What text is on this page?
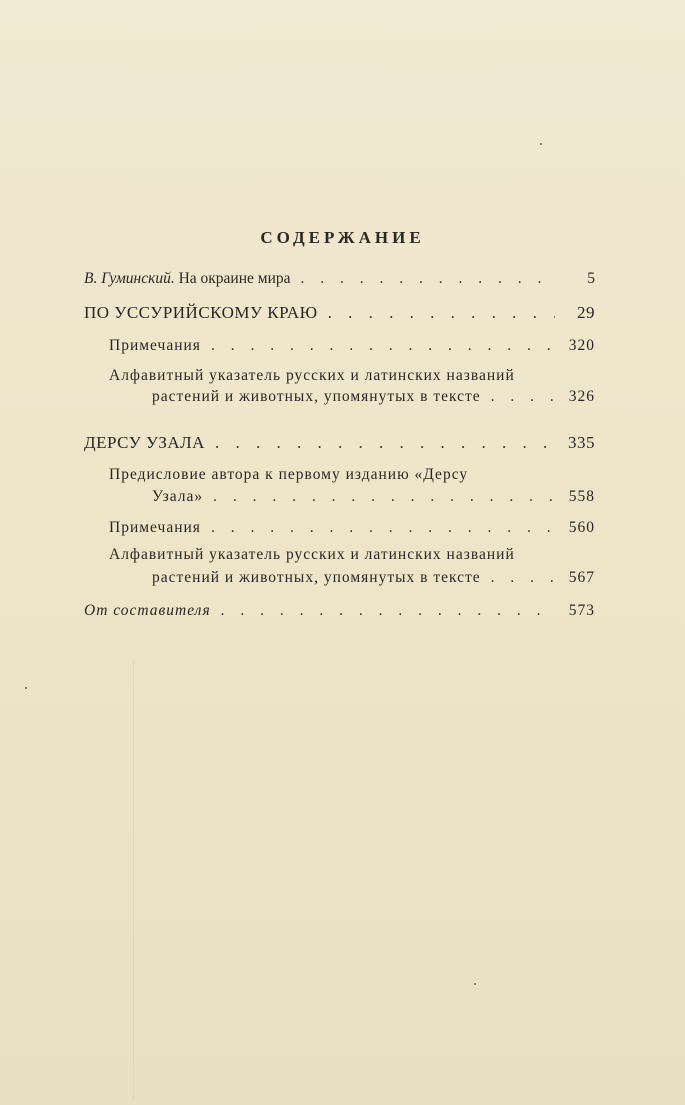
СОДЕРЖАНИЕ
В. Гуминский. На окраине мира . . .	5
ПО УССУРИЙСКОМУ КРАЮ . . .	29
Примечания . . .	320
Алфавитный указатель русских и латинских названий
растений и животных, упомянутых в тексте . . .	326
ДЕРСУ УЗАЛА . . .	335
Предисловие автора к первому изданию «Дерсу
Узала» . . .	558
Примечания . . .	560
Алфавитный указатель русских и латинских названий
растений и животных, упомянутых в тексте . . .	567
От составителя . . .	573
